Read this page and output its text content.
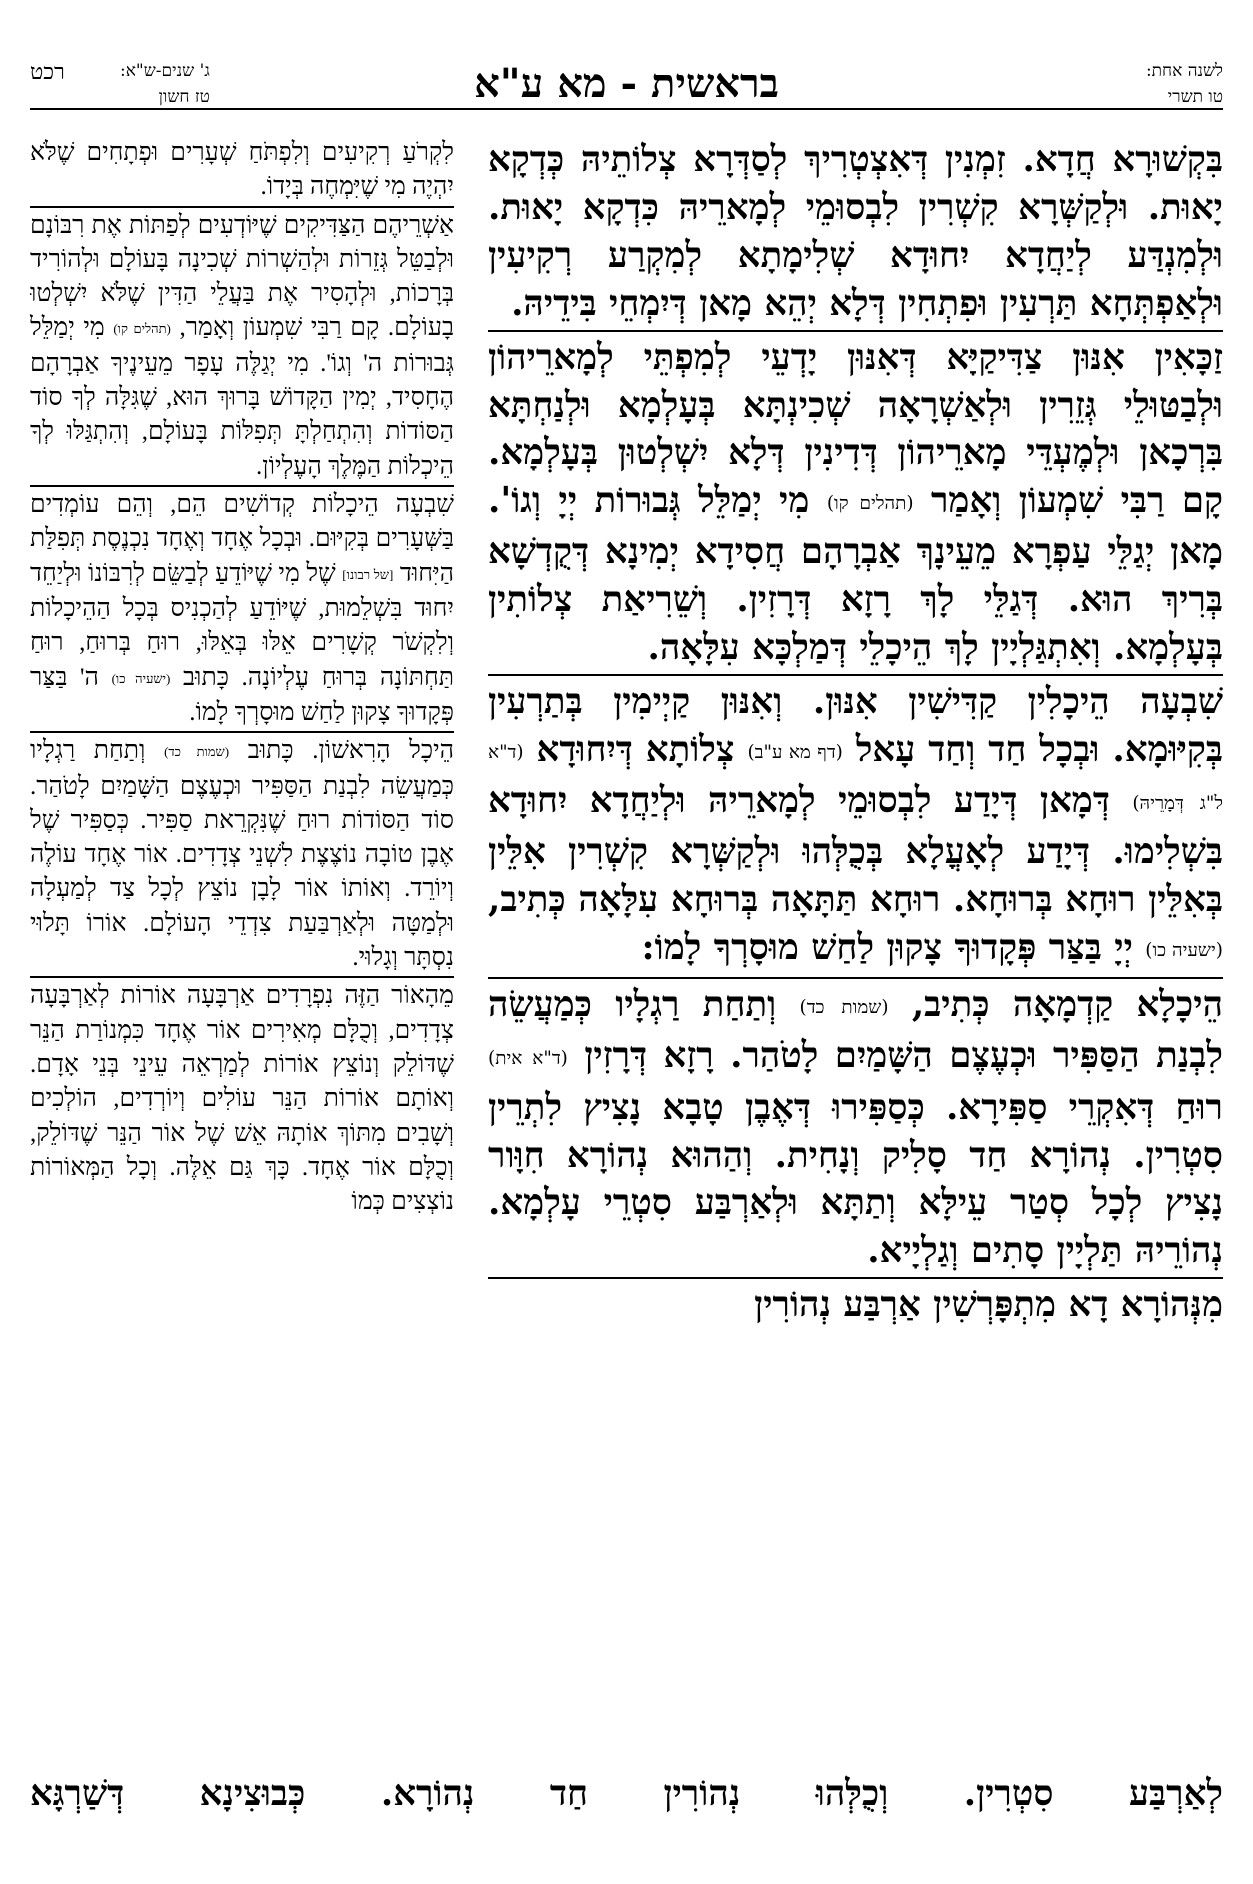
לשנה אחת:
טו תשרי
בראשית - מא ע"א
ג' שנים-ש"א:
טז חשון
רכט

בִּקְשׁוּרָא חֲדָא. זִמְנִין דְּאִצְטְרִיךְ לְסַדְּרָא צְלוֹתֵיהּ כְּדְקָא יָאוּת. וּלְקַשְּׁרָא קִשְׁרִין לִבְסוּמֵי לְמָארֵיהּ כִּדְקָא יָאוּת. וּלְמִנְדַּע לְיַחֲדָא יִחוּדָא שְׁלִימָתָא לְמִקְרַע רְקִיעִין וּלְאַפְתְּחָא תַּרְעִין וּפִתְחִין דְּלָא יְהֵא מָאן דְּיִמְחֵי בִּידֵיהּ.

זַכָּאִין אִנּוּן צַדִּיקַיָּא דְּאִנּוּן יָדְעֵי לְמִפְתֵּי לְמָארֵיהוֹן וּלְבַטּוּלֵי גְּזֵרִין וּלְאַשְׁרָאָה שְׁכִינְתָּא בְּעָלְמָא וּלְנַחְתָּא בִּרְכָאן וּלְמֶעְדֵּי מָארֵיהוֹן דְּדִינִין דְּלָא יִשְׁלְטוּן בְּעָלְמָא. קָם רַבִּי שִׁמְעוֹן וְאָמַר (תהלים קו) מִי יְמַלֵּל גְּבוּרוֹת יְיָ וְגוֹ'. מָאן יְגַלֵּי עַפְרָא מֵעֵינָךְ אַבְרָהָם חֲסִידָא יְמִינָא דְּקֻדְשָׁא בְּרִיךְ הוּא. דְּגַלֵּי לָךְ רָזָא דְּרָזִין. וְשֵׁרִיאַת צְלוֹתִין בְּעָלְמָא. וְאִתְגַּלְיָין לָךְ הֵיכָלֵי דְּמַלְכָּא עִלָּאָה.

שִׁבְעָה הֵיכָלִין קַדִּישִׁין אִנּוּן. וְאִנּוּן קַיְימִין בְּתַרְעִין בְּקִיּוּמָא. וּבְכָל חַד וְחַד עָאל (דף מא ע"ב) צְלוֹתָא דְּיִחוּדָא (ד"א ל"ג דְּמָרֵיהּ) דְּמָאן דְּיָדַע לִבְסוּמֵי לְמָארֵיהּ וּלְיַחֲדָא יִחוּדָא בִּשְׁלִימוּ. דְּיָדַע לְאָעֳלָא בְּכֻלְּהוּ וּלְקַשְּׁרָא קִשְׁרִין אִלֵּין בְּאִלֵּין רוּחָא בְּרוּחָא. רוּחָא תַּתָּאָה בְּרוּחָא עִלָּאָה כְּתִיב, (ישעיה כו) יְיָ בַּצַּר פְּקָדוּךָ צָקוּן לַחַשׁ מוּסָרְךָ לָמוֹ:

הֵיכָלָא קַדְמָאָה כְּתִיב, (שמות כד) וְתַחַת רַגְלָיו כְּמַעֲשֵׂה לִבְנַת הַסַּפִּיר וּכְעֶצֶם הַשָּׁמַיִם לָטֹהַר. רָזָא דְּרָזִין (ד"א אית) רוּחַ דְּאִקְרֵי סַפִּירָא. כְּסַפִּירוּ דְּאֶבֶן טָבָא נָצִיץ לִתְרֵין סִטְרִין. נְהוֹרָא חַד סָלִיק וְנָחִית. וְהַהוּא נְהוֹרָא חִוָּור נָצִיץ לְכָל סְטַר עֵילָּא וְתַתָּא וּלְאַרְבַּע סִטְרֵי עָלְמָא. נְהוֹרֵיהּ תַּלְיָין סָתִים וְגַלְיָיא.

מִנְּהוֹרָא דָא מִתְפָּרְשִׁין אַרְבַּע נְהוֹרִין

לִקְרֹעַ רְקִיעִים וְלִפְתֹּחַ שְׁעָרִים וּפְתָחִים שֶׁלֹּא יִהְיֶה מִי שֶׁיִּמְחֶה בְּיָדוֹ.

אַשְׁרֵיהֶם הַצַּדִּיקִים שֶׁיּוֹדְעִים לְפַתּוֹת אֶת רִבּוֹנָם וּלְבַטֵּל גְּזֵרוֹת וּלְהַשְׁרוֹת שְׁכִינָה בָּעוֹלָם וּלְהוֹרִיד בְּרָכוֹת, וּלְהָסִיר אֶת בַּעֲלֵי הַדִּין שֶׁלֹּא יִשְׁלְטוּ בָעוֹלָם. קָם רַבִּי שִׁמְעוֹן וְאָמַר, (תהלים קו) מִי יְמַלֵּל גְּבוּרוֹת ה' וְגוֹ'. מִי יְגַלֶּה עָפָר מֵעֵינֶיךָ אַבְרָהָם הֶחָסִיד, יְמִין הַקָּדוֹשׁ בָּרוּךְ הוּא, שֶׁגִּלָּה לְךָ סוֹד הַסּוֹדוֹת וְהִתְחַלְתָּ תְּפִלּוֹת בָּעוֹלָם, וְהִתְגַּלּוּ לְךָ הֵיכְלוֹת הַמֶּלֶךְ הָעֶלְיוֹן.

שִׁבְעָה הֵיכָלוֹת קְדוֹשִׁים הֵם, וְהֵם עוֹמְדִים בַּשְּׁעָרִים בְּקִיּוּם. וּבְכָל אֶחָד וְאֶחָד נִכְנֶסֶת תְּפִלַּת הַיִּחוּד [של רבונו] שֶׁל מִי שֶׁיּוֹדֵעַ לְבַשֵּׂם לְרִבּוֹנוֹ וּלְיַחֵד יִחוּד בִּשְׁלֵמוּת, שֶׁיּוֹדֵעַ לְהַכְנִיס בְּכָל הַהֵיכָלוֹת וְלִקְשֹׁר קְשָׁרִים אֵלּוּ בְּאֵלּוּ, רוּחַ בְּרוּחַ, רוּחַ תַּחְתּוֹנָה בְּרוּחַ עֶלְיוֹנָה. כָּתוּב (ישעיה כו) ה' בַּצַּר פְּקָדוּךָ צָקוּן לַחַשׁ מוּסָרְךָ לָמוֹ.

הֵיכָל הָרִאשׁוֹן. כָּתוּב (שמות כד) וְתַחַת רַגְלָיו כְּמַעֲשֵׂה לִבְנַת הַסַּפִּיר וּכְעֶצֶם הַשָּׁמַיִם לָטֹהַר. סוֹד הַסּוֹדוֹת רוּחַ שֶׁנִּקְרֵאת סַפִּיר. כְּסַפִּיר שֶׁל אֶבֶן טוֹבָה נוֹצֶצֶת לִשְׁנֵי צְדָדִים. אוֹר אֶחָד עוֹלֶה וְיוֹרֵד. וְאוֹתוֹ אוֹר לָבָן נוֹצֵץ לְכָל צַד לְמַעְלָה וּלְמַטָּה וּלְאַרְבַּעַת צִדְדֵי הָעוֹלָם. אוֹרוֹ תָּלוּי נִסְתָּר וְגָלוּי.

מֵהָאוֹר הַזֶּה נִפְרָדִים אַרְבָּעָה אוֹרוֹת לְאַרְבָּעָה צְדָדִים, וְכֻלָּם מְאִירִים אוֹר אֶחָד כִּמְנוֹרַת הַנֵּר שֶׁדּוֹלֵק וְנוֹצֵץ אוֹרוֹת לְמַרְאֵה עֵינֵי בְּנֵי אָדָם. וְאוֹתָם אוֹרוֹת הַנֵּר עוֹלִים וְיוֹרְדִים, הוֹלְכִים וְשָׁבִים מִתּוֹךְ אוֹתָהּ אֵשׁ שֶׁל אוֹר הַנֵּר שֶׁדּוֹלֵק, וְכֻלָּם אוֹר אֶחָד. כָּךְ גַּם אֵלֶּה. וְכָל הַמְּאוֹרוֹת נוֹצְצִים כְּמוֹ

לְאַרְבַּע סִטְרִין. וְכֻלְּהוּ נְהוֹרִין חַד נְהוֹרָא. כְּבוּצִינָא דְּשַׁרְגָּא
